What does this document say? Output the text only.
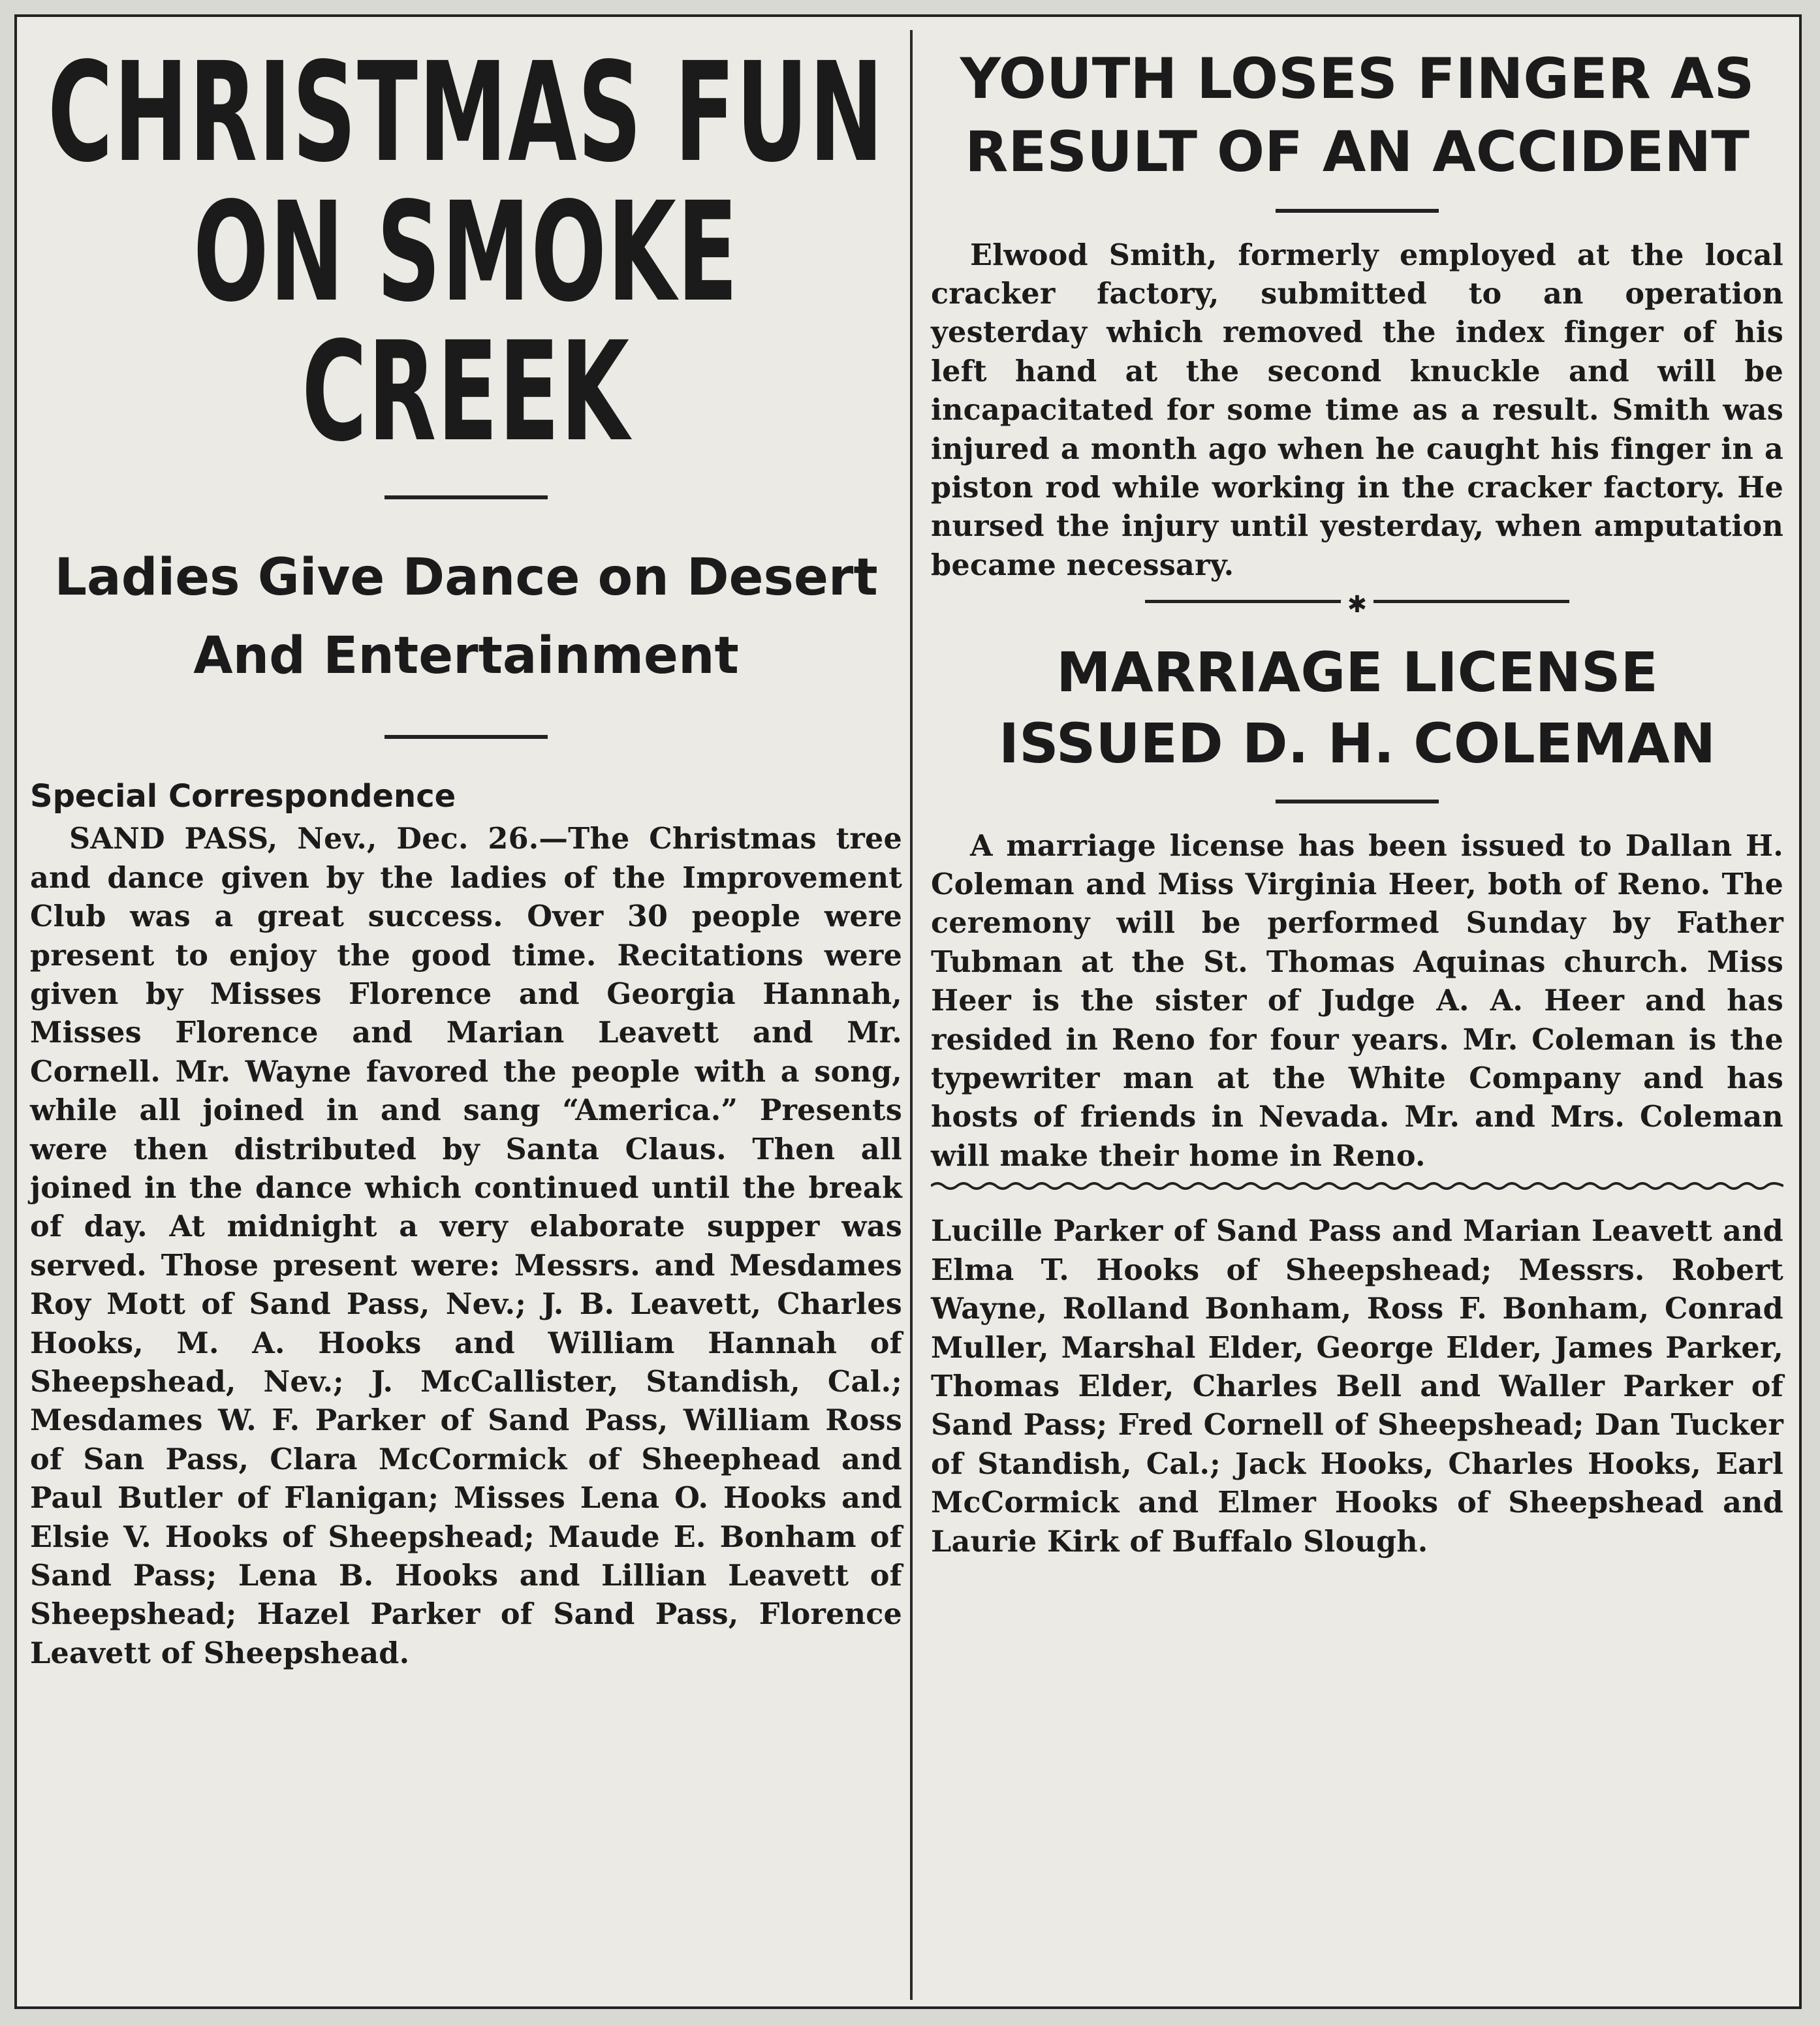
CHRISTMAS FUN
ON SMOKE CREEK
Ladies Give Dance on Desert
And Entertainment
Special Correspondence

SAND PASS, Nev., Dec. 26.—The Christmas tree and dance given by the ladies of the Improvement Club was a great success. Over 30 people were present to enjoy the good time. Recitations were given by Misses Florence and Georgia Hannah, Misses Florence and Marian Leavett and Mr. Cornell. Mr. Wayne favored the people with a song, while all joined in and sang “America.” Presents were then distributed by Santa Claus. Then all joined in the dance which continued until the break of day. At midnight a very elaborate supper was served. Those present were: Messrs. and Mesdames Roy Mott of Sand Pass, Nev.; J. B. Leavett, Charles Hooks, M. A. Hooks and William Hannah of Sheepshead, Nev.; J. McCallister, Standish, Cal.; Mesdames W. F. Parker of Sand Pass, William Ross of San Pass, Clara McCormick of Sheephead and Paul Butler of Flanigan; Misses Lena O. Hooks and Elsie V. Hooks of Sheepshead; Maude E. Bonham of Sand Pass; Lena B. Hooks and Lillian Leavett of Sheepshead; Hazel Parker of Sand Pass, Florence Leavett of Sheepshead.

YOUTH LOSES FINGER AS
RESULT OF AN ACCIDENT

Elwood Smith, formerly employed at the local cracker factory, submitted to an operation yesterday which removed the index finger of his left hand at the second knuckle and will be incapacitated for some time as a result. Smith was injured a month ago when he caught his finger in a piston rod while working in the cracker factory. He nursed the injury until yesterday, when amputation became necessary.

✱
MARRIAGE LICENSE
ISSUED D. H. COLEMAN

A marriage license has been issued to Dallan H. Coleman and Miss Virginia Heer, both of Reno. The ceremony will be performed Sunday by Father Tubman at the St. Thomas Aquinas church. Miss Heer is the sister of Judge A. A. Heer and has resided in Reno for four years. Mr. Coleman is the typewriter man at the White Company and has hosts of friends in Nevada. Mr. and Mrs. Coleman will make their home in Reno.

Lucille Parker of Sand Pass and Marian Leavett and Elma T. Hooks of Sheepshead; Messrs. Robert Wayne, Rolland Bonham, Ross F. Bonham, Conrad Muller, Marshal Elder, George Elder, James Parker, Thomas Elder, Charles Bell and Waller Parker of Sand Pass; Fred Cornell of Sheepshead; Dan Tucker of Standish, Cal.; Jack Hooks, Charles Hooks, Earl McCormick and Elmer Hooks of Sheepshead and Laurie Kirk of Buffalo Slough.
